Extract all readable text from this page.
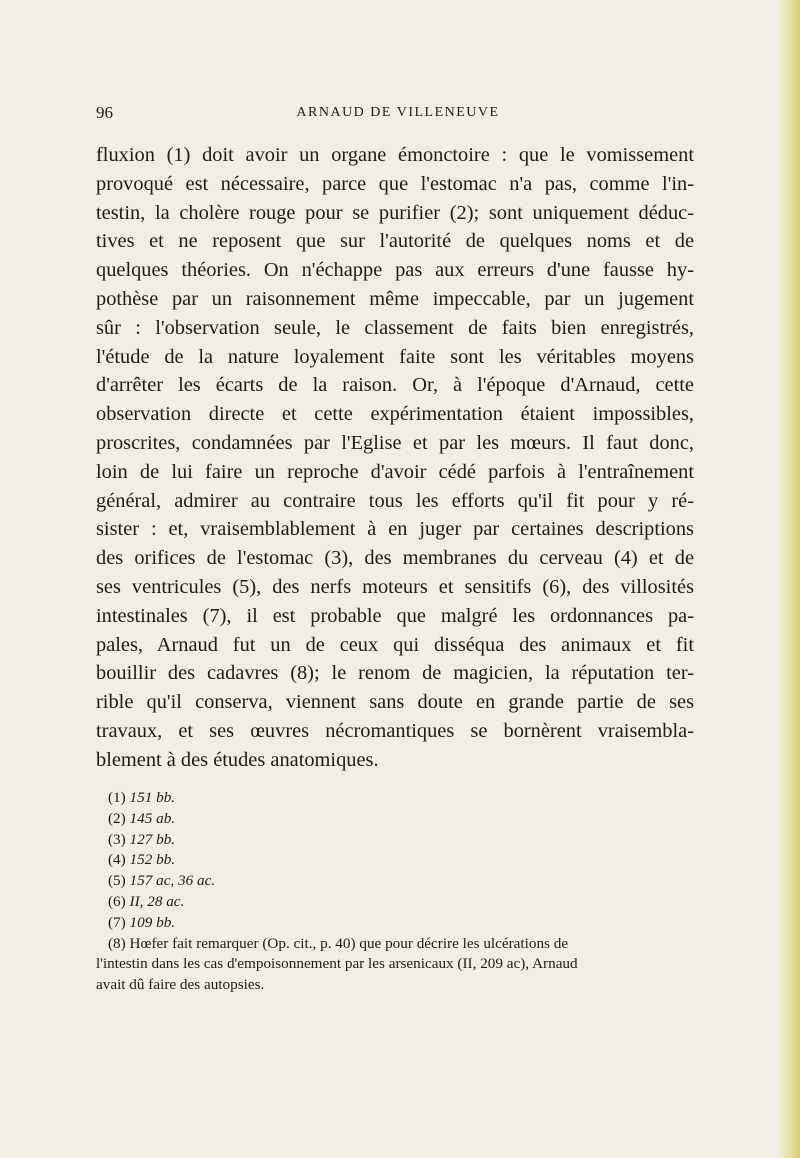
96	ARNAUD DE VILLENEUVE
fluxion (1) doit avoir un organe émonctoire : que le vomissement
provoqué est nécessaire, parce que l'estomac n'a pas, comme l'in-
testin, la cholère rouge pour se purifier (2); sont uniquement déduc-
tives et ne reposent que sur l'autorité de quelques noms et de
quelques théories. On n'échappe pas aux erreurs d'une fausse hy-
pothèse par un raisonnement même impeccable, par un jugement
sûr : l'observation seule, le classement de faits bien enregistrés,
l'étude de la nature loyalement faite sont les véritables moyens
d'arrêter les écarts de la raison. Or, à l'époque d'Arnaud, cette
observation directe et cette expérimentation étaient impossibles,
proscrites, condamnées par l'Eglise et par les mœurs. Il faut donc,
loin de lui faire un reproche d'avoir cédé parfois à l'entraînement
général, admirer au contraire tous les efforts qu'il fit pour y ré-
sister : et, vraisemblablement à en juger par certaines descriptions
des orifices de l'estomac (3), des membranes du cerveau (4) et de
ses ventricules (5), des nerfs moteurs et sensitifs (6), des villosités
intestinales (7), il est probable que malgré les ordonnances pa-
pales, Arnaud fut un de ceux qui disséqua des animaux et fit
bouillir des cadavres (8); le renom de magicien, la réputation ter-
rible qu'il conserva, viennent sans doute en grande partie de ses
travaux, et ses œuvres nécromantiques se bornèrent vraisembla-
blement à des études anatomiques.
(1) 151 bb.
(2) 145 ab.
(3) 127 bb.
(4) 152 bb.
(5) 157 ac, 36 ac.
(6) II, 28 ac.
(7) 109 bb.
(8) Hœfer fait remarquer (Op. cit., p. 40) que pour décrire les ulcérations de
l'intestin dans les cas d'empoisonnement par les arsenicaux (II, 209 ac), Arnaud
avait dû faire des autopsies.
